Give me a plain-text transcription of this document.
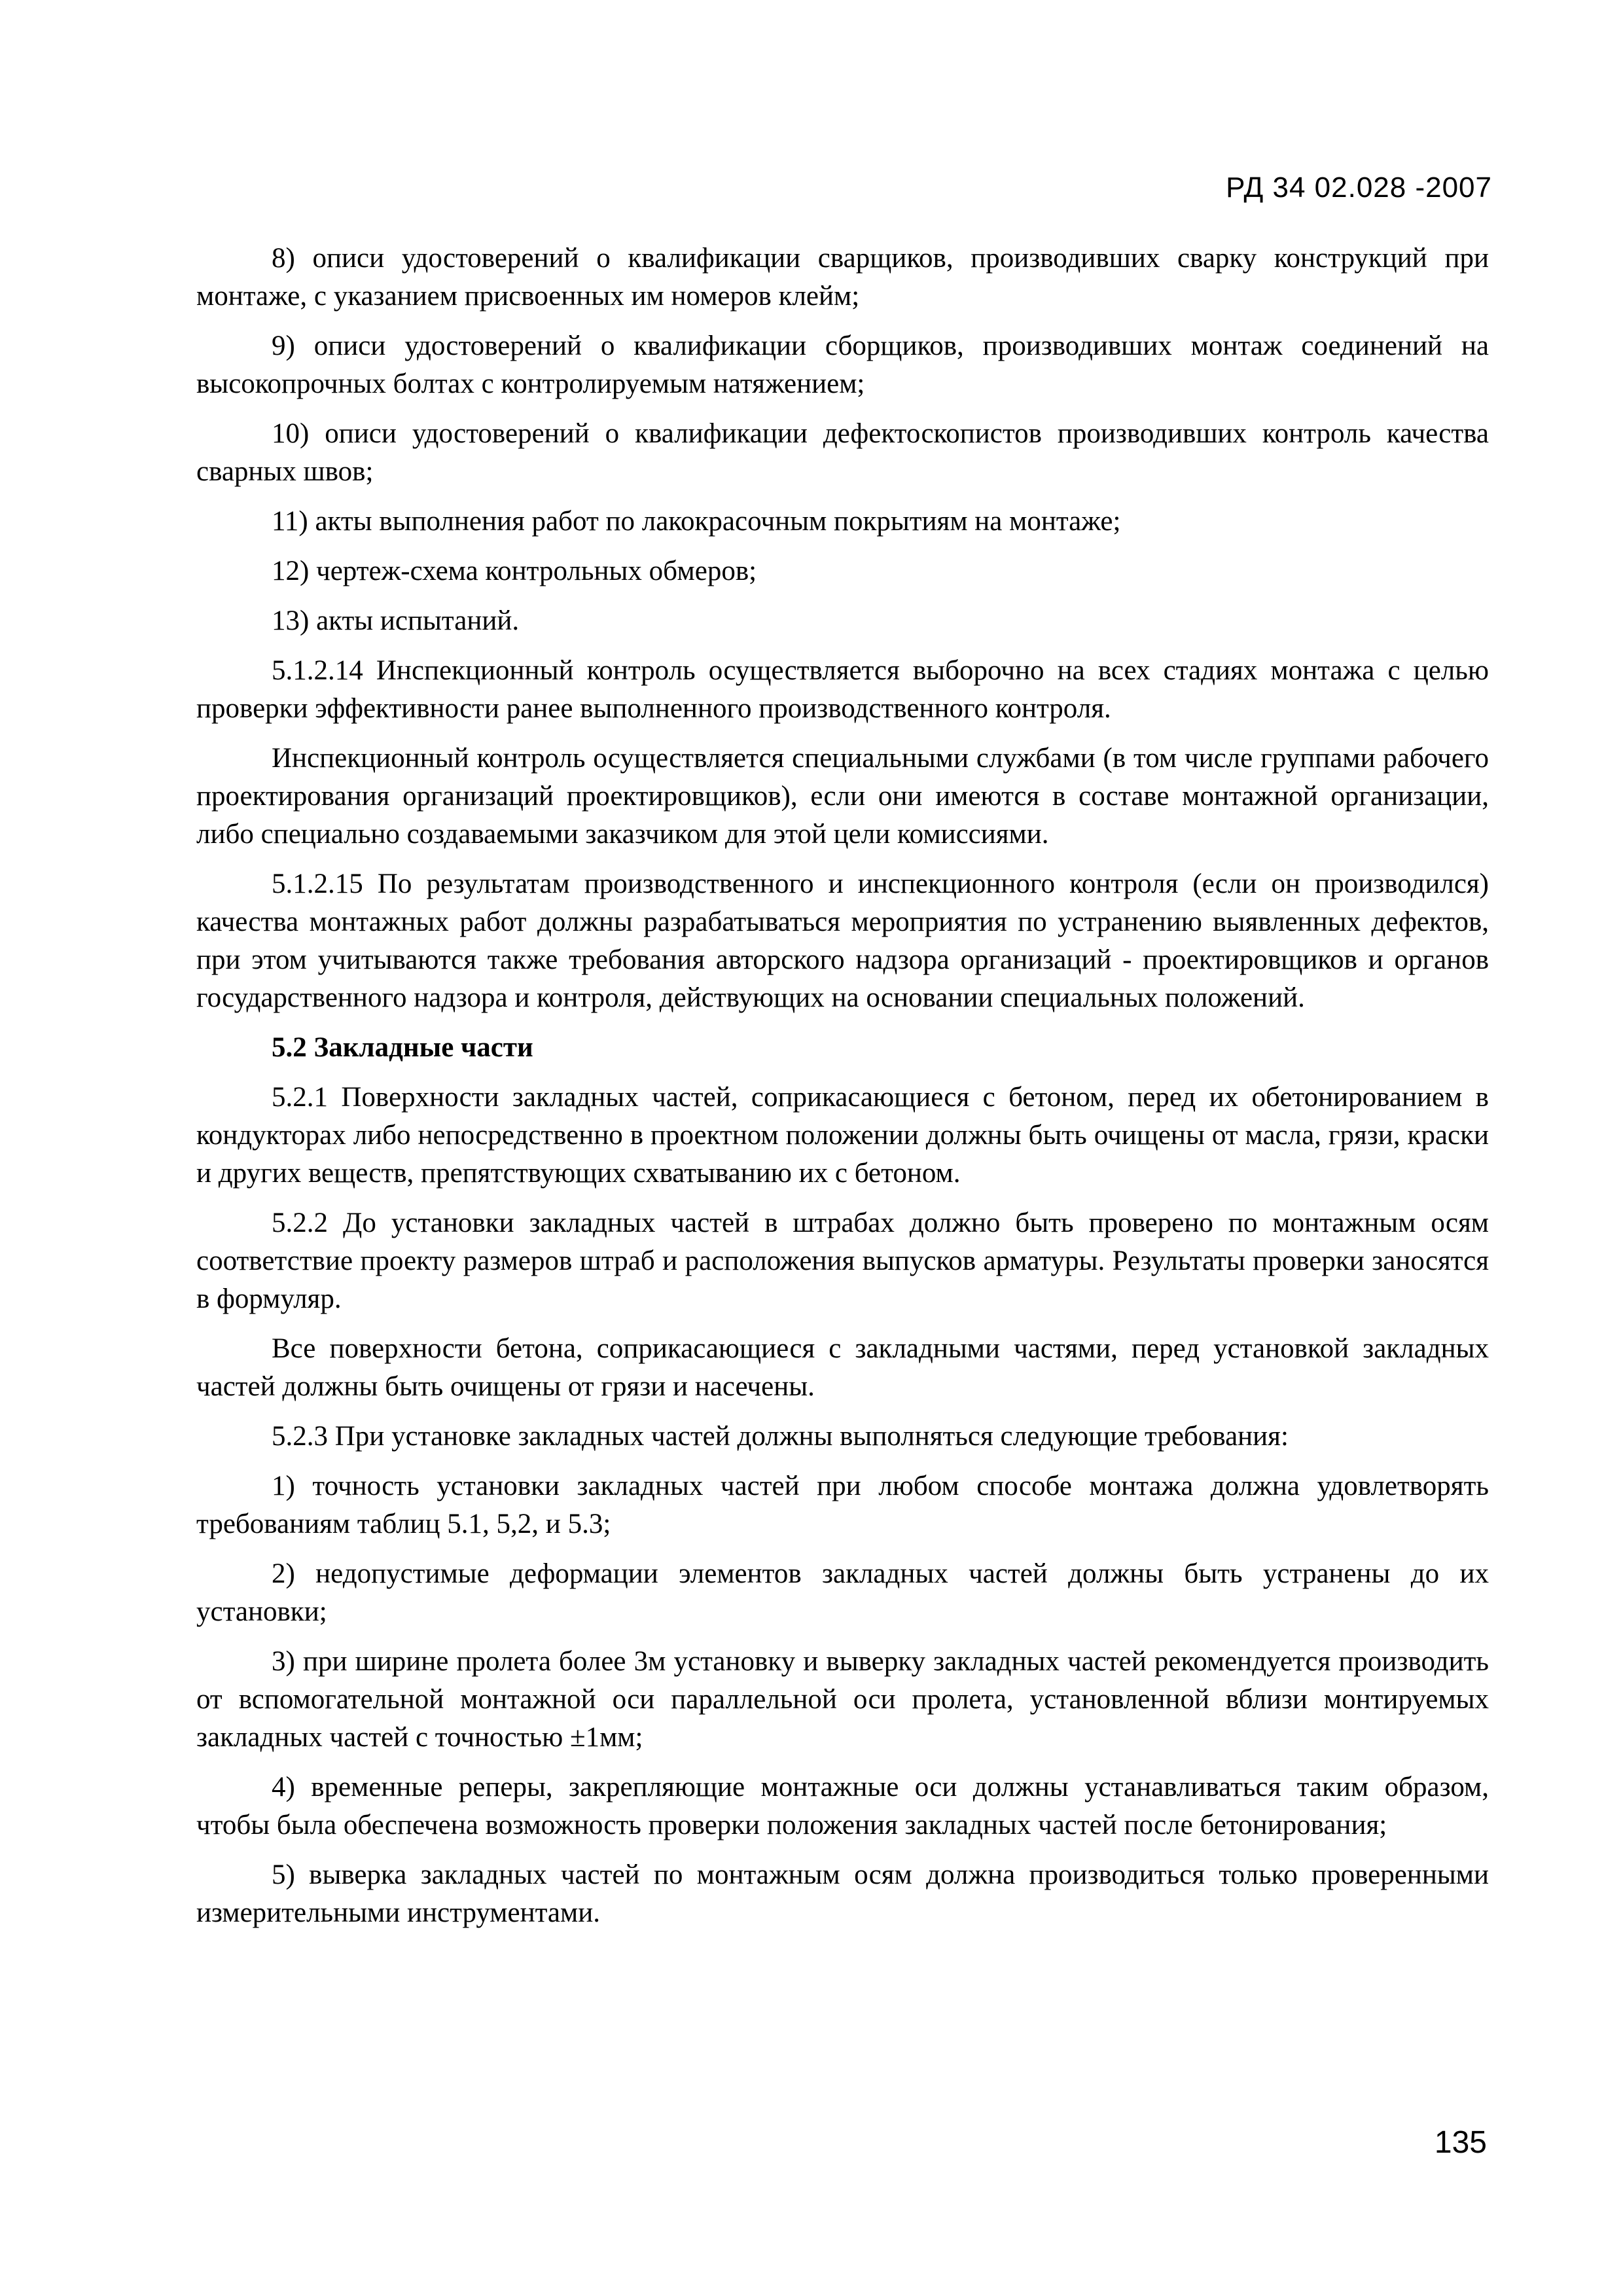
РД 34 02.028 -2007

8) описи удостоверений о квалификации сварщиков, производивших сварку конструкций при монтаже, с указанием присвоенных им номеров клейм;

9) описи удостоверений о квалификации сборщиков, производивших монтаж соединений на высокопрочных болтах с контролируемым натяжением;

10) описи удостоверений о квалификации дефектоскопистов производивших контроль качества сварных швов;

11) акты выполнения работ по лакокрасочным покрытиям на монтаже;

12) чертеж-схема контрольных обмеров;

13) акты испытаний.

5.1.2.14 Инспекционный контроль осуществляется выборочно на всех стадиях монтажа с целью проверки эффективности ранее выполненного производственного контроля.

Инспекционный контроль осуществляется специальными службами (в том числе группами рабочего проектирования организаций проектировщиков), если они имеются в составе монтажной организации, либо специально создаваемыми заказчиком для этой цели комиссиями.

5.1.2.15 По результатам производственного и инспекционного контроля (если он производился) качества монтажных работ должны разрабатываться мероприятия по устранению выявленных дефектов, при этом учитываются также требования авторского надзора организаций - проектировщиков и органов государственного надзора и контроля, действующих на основании специальных положений.

5.2 Закладные части

5.2.1 Поверхности закладных частей, соприкасающиеся с бетоном, перед их обетонированием в кондукторах либо непосредственно в проектном положении должны быть очищены от масла, грязи, краски и других веществ, препятствующих схватыванию их с бетоном.

5.2.2 До установки закладных частей в штрабах должно быть проверено по монтажным осям соответствие проекту размеров штраб и расположения выпусков арматуры. Результаты проверки заносятся в формуляр.

Все поверхности бетона, соприкасающиеся с закладными частями, перед установкой закладных частей должны быть очищены от грязи и насечены.

5.2.3 При установке закладных частей должны выполняться следующие требования:

1) точность установки закладных частей при любом способе монтажа должна удовлетворять требованиям таблиц 5.1, 5,2, и 5.3;

2) недопустимые деформации элементов закладных частей должны быть устранены до их установки;

3) при ширине пролета более 3м установку и выверку закладных частей рекомендуется производить от вспомогательной монтажной оси параллельной оси пролета, установленной вблизи монтируемых закладных частей с точностью ±1мм;

4) временные реперы, закрепляющие монтажные оси должны устанавливаться таким образом, чтобы была обеспечена возможность проверки положения закладных частей после бетонирования;

5) выверка закладных частей по монтажным осям должна производиться только проверенными измерительными инструментами.

135
